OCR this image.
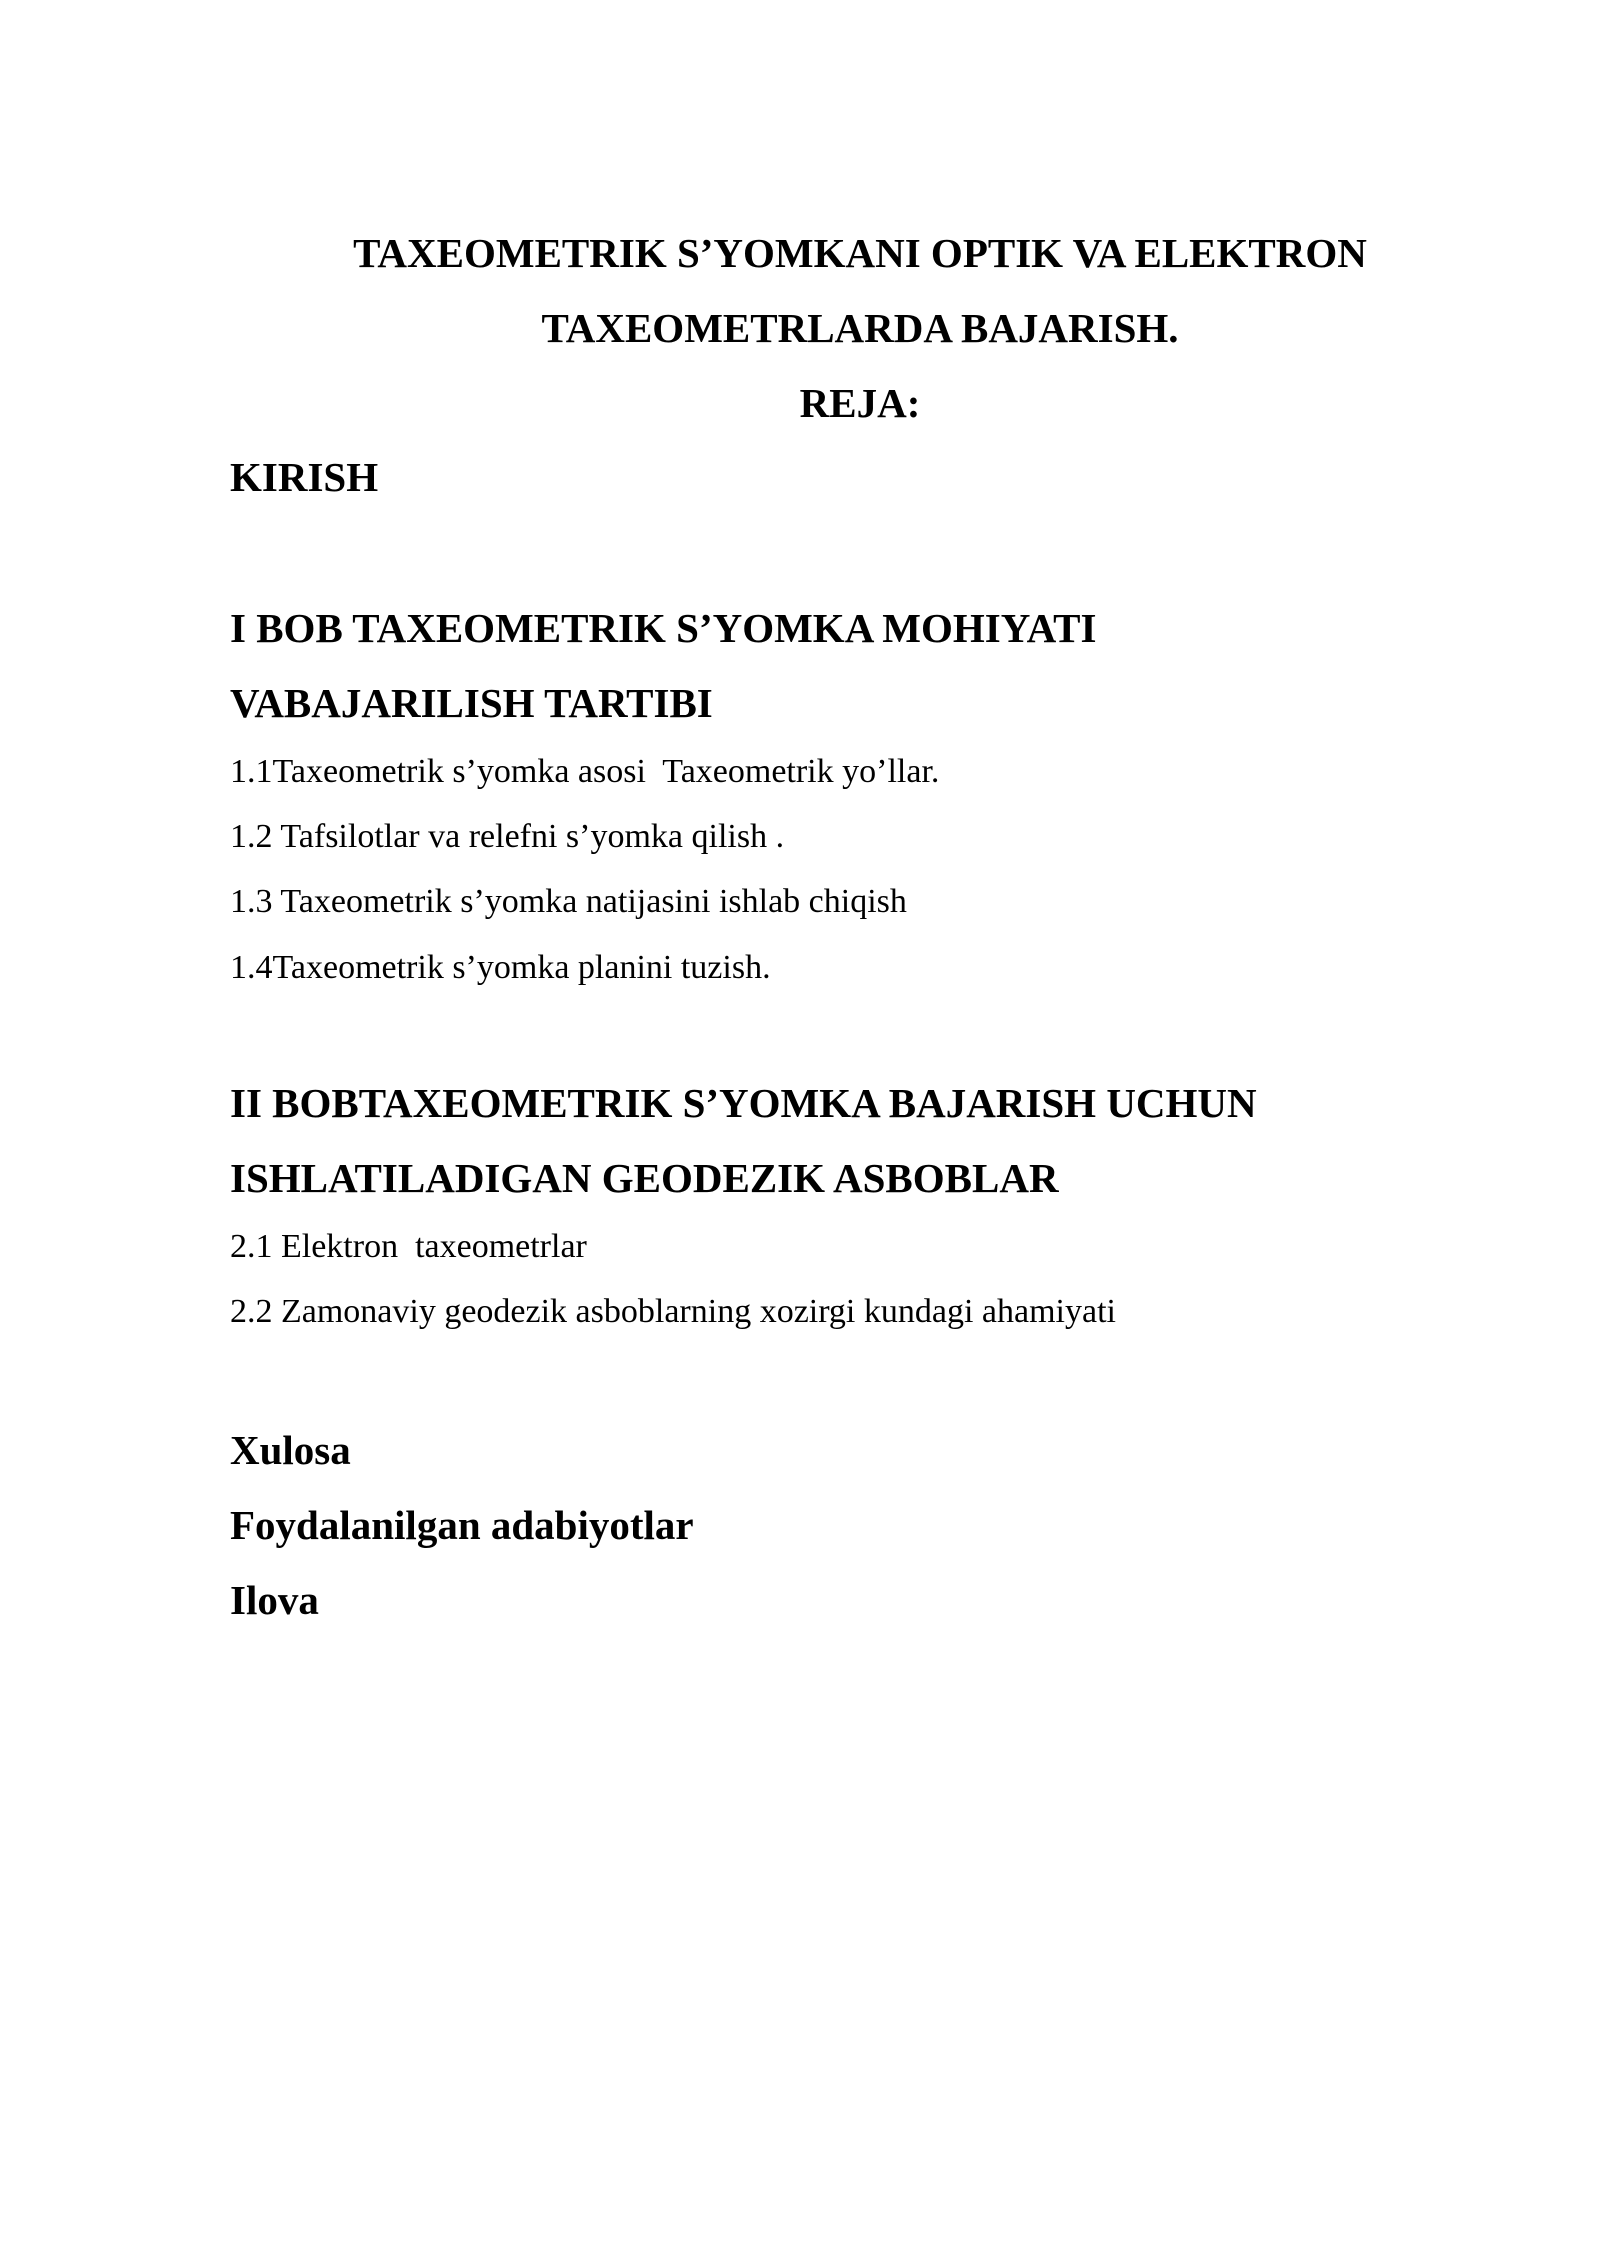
TAXEOMETRIK S’YOMKANI OPTIK VA ELEKTRON
TAXEOMETRLARDA BAJARISH.
REJA:
KIRISH
I BOB TAXEOMETRIK S’YOMKA MOHIYATI
VABAJARILISH TARTIBI
1.1Taxeometrik s’yomka asosi  Taxeometrik yo’llar.
1.2 Tafsilotlar va relefni s’yomka qilish .
1.3 Taxeometrik s’yomka natijasini ishlab chiqish
1.4Taxeometrik s’yomka planini tuzish.
II BOBTAXEOMETRIK S’YOMKA BAJARISH UCHUN
ISHLATILADIGAN GEODEZIK ASBOBLAR
2.1 Elektron  taxeometrlar
2.2 Zamonaviy geodezik asboblarning xozirgi kundagi ahamiyati
Xulosa
Foydalanilgan adabiyotlar
Ilova
